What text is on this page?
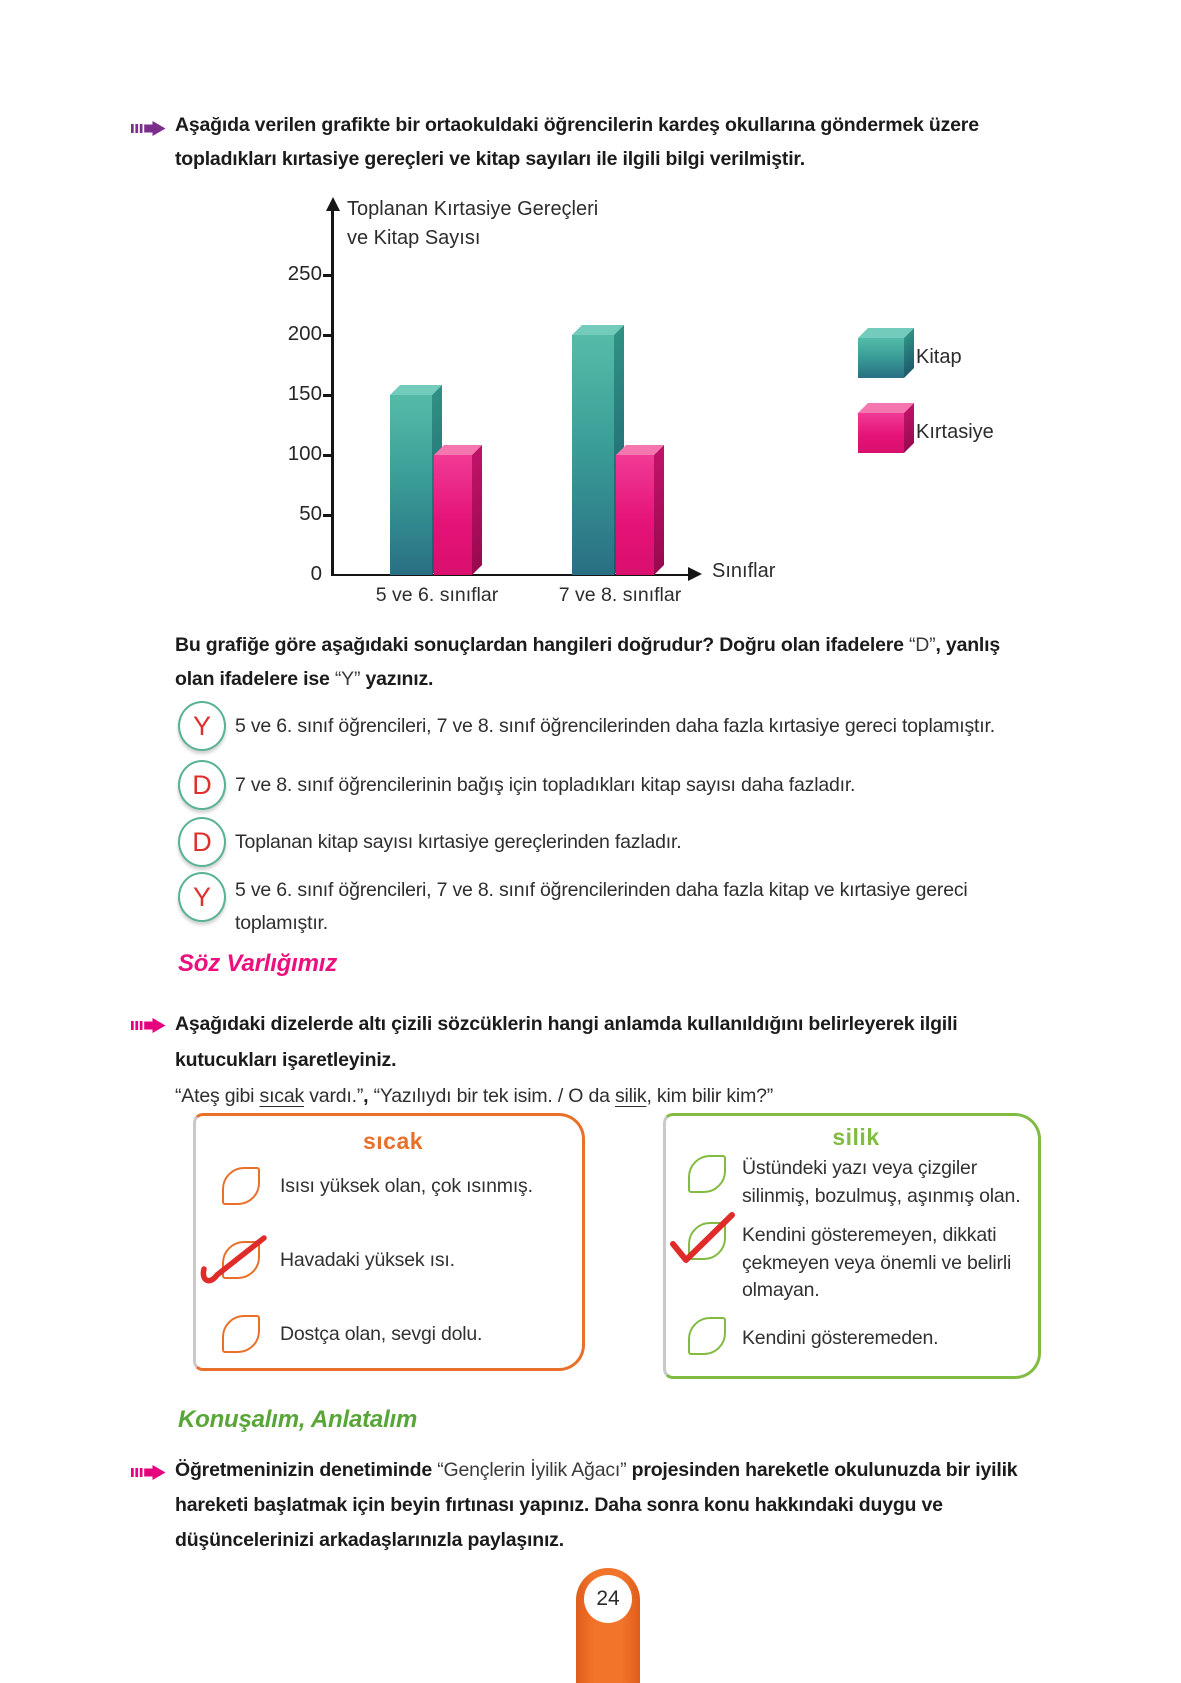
Aşağıda verilen grafikte bir ortaokuldaki öğrencilerin kardeş okullarına göndermek üzere topladıkları kırtasiye gereçleri ve kitap sayıları ile ilgili bilgi verilmiştir.
Toplanan Kırtasiye Gereçleri
ve Kitap Sayısı
0
50
100
150
200
250
5 ve 6. sınıflar	7 ve 8. sınıflar
Sınıflar
Kitap
Kırtasiye
Bu grafiğe göre aşağıdaki sonuçlardan hangileri doğrudur? Doğru olan ifadelere “D”, yanlış olan ifadelere ise “Y” yazınız.
Y 5 ve 6. sınıf öğrencileri, 7 ve 8. sınıf öğrencilerinden daha fazla kırtasiye gereci toplamıştır.
D 7 ve 8. sınıf öğrencilerinin bağış için topladıkları kitap sayısı daha fazladır.
D Toplanan kitap sayısı kırtasiye gereçlerinden fazladır.
Y 5 ve 6. sınıf öğrencileri, 7 ve 8. sınıf öğrencilerinden daha fazla kitap ve kırtasiye gereci toplamıştır.
Söz Varlığımız
Aşağıdaki dizelerde altı çizili sözcüklerin hangi anlamda kullanıldığını belirleyerek ilgili kutucukları işaretleyiniz.
“Ateş gibi sıcak vardı.”, “Yazılıydı bir tek isim. / O da silik, kim bilir kim?”
sıcak
Isısı yüksek olan, çok ısınmış.
Havadaki yüksek ısı.
Dostça olan, sevgi dolu.
silik
Üstündeki yazı veya çizgiler silinmiş, bozulmuş, aşınmış olan.
Kendini gösteremeyen, dikkati çekmeyen veya önemli ve belirli olmayan.
Kendini gösteremeden.
Konuşalım, Anlatalım
Öğretmeninizin denetiminde “Gençlerin İyilik Ağacı” projesinden hareketle okulunuzda bir iyilik hareketi başlatmak için beyin fırtınası yapınız. Daha sonra konu hakkındaki duygu ve düşüncelerinizi arkadaşlarınızla paylaşınız.
24
